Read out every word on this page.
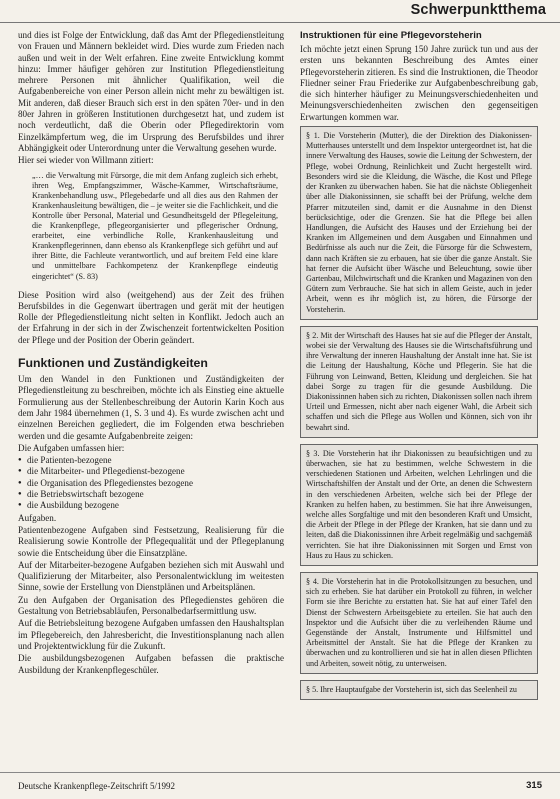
Schwerpunktthema

und dies ist Folge der Entwicklung, daß das Amt der Pflegedienstleitung von Frauen und Männern bekleidet wird. Dies wurde zum Frieden nach außen und weit in der Welt erfahren. Eine zweite Entwicklung kommt hinzu: Immer häufiger gehören zur Institution Pflegedienstleitung mehrere Personen mit ähnlicher Qualifikation, weil die Aufgabenbereiche von einer Person allein nicht mehr zu bewältigen ist. Mit anderen, daß dieser Brauch sich erst in den späten 70er- und in den 80er Jahren in größeren Institutionen durchgesetzt hat, und zudem ist noch verdeutlicht, daß die Oberin oder Pflegedirektorin vom Einzelkämpfertum weg, die im Ursprung des Berufsbildes und ihrer Abhängigkeit oder Unterordnung unter die Verwaltung gesehen wurde.

Hier sei wieder von Willmann zitiert:

„… die Verwaltung mit Fürsorge, die mit dem Anfang zugleich sich erhebt, ihren Weg, Empfangszimmer, Wäsche-Kammer, Wirtschaftsräume, Krankenbehandlung usw., Pflegebedarfe und all dies aus den Rahmen der Krankenhausleitung bewältigen, die – je weiter sie die Fachlichkeit, und die Kontrolle über Personal, Material und Gesundheitsgeld der Pflegeleitung, die Krankenpflege, pflegeorganisierter und pflegerischer Ordnung, erarbeitet, eine verbindliche Rolle, Krankenhausleitung und Krankenpflegerinnen, dann ebenso als Krankenpflege sich geführt und auf ihrer Bitte, die Fachleute verantwortlich, und auf breitem Feld eine klare und unmittelbare Fachkompetenz der Krankenpflege eindeutig eingerichtet“ (S. 83)

Diese Position wird also (weitgehend) aus der Zeit des frühen Berufsbildes in die Gegenwart übertragen und gerät mit der heutigen Rolle der Pflegedienstleitung nicht selten in Konflikt. Jedoch auch an der Erfahrung in der sich in der Zwischenzeit fortentwickelten Position der Pflege und der Position der Oberin geändert.

Funktionen und Zuständigkeiten

Um den Wandel in den Funktionen und Zuständigkeiten der Pflegedienstleitung zu beschreiben, möchte ich als Einstieg eine aktuelle Formulierung aus der Stellenbeschreibung der Autorin Karin Koch aus dem Jahr 1984 übernehmen (1, S. 3 und 4). Es wurde zwischen acht und einzelnen Bereichen gegliedert, die im Folgenden etwa beschrieben werden und die gesamte Aufgabenbreite zeigen:

Die Aufgaben umfassen hier:

● die Patienten-bezogene
● die Mitarbeiter- und Pflegedienst-bezogene
● die Organisation des Pflegedienstes bezogene
● die Betriebswirtschaft bezogene
● die Ausbildung bezogene

Aufgaben.

Patientenbezogene Aufgaben sind Festsetzung, Realisierung für die Realisierung sowie Kontrolle der Pflegequalität und der Pflegeplanung sowie die Entscheidung über die Einsatzpläne.

Auf der Mitarbeiter-bezogene Aufgaben beziehen sich mit Auswahl und Qualifizierung der Mitarbeiter, also Personalentwicklung im weitesten Sinne, sowie der Erstellung von Dienstplänen und Arbeitsplänen.

Zu den Aufgaben der Organisation des Pflegedienstes gehören die Gestaltung von Betriebsabläufen, Personalbedarfsermittlung usw.

Auf die Betriebsleitung bezogene Aufgaben umfassen den Haushaltsplan im Pflegebereich, den Jahresbericht, die Investitionsplanung nach allen und Projektentwicklung für die Zukunft.

Die ausbildungsbezogenen Aufgaben befassen die praktische Ausbildung der Krankenpflegeschüler.

Instruktionen für eine Pflegevorsteherin

Ich möchte jetzt einen Sprung 150 Jahre zurück tun und aus der ersten uns bekannten Beschreibung des Amtes einer Pflegevorsteherin zitieren. Es sind die Instruktionen, die Theodor Fliedner seiner Frau Friederike zur Aufgabenbeschreibung gab, die sich hinterher häufiger zu Meinungsverschiedenheiten und Meinungsverschiedenheiten zwischen den gegenseitigen Erwartungen kommen war.

§ 1. Die Vorsteherin (Mutter), die der Direktion des Diakonissen-Mutterhauses unterstellt und dem Inspektor untergeordnet ist, hat die innere Verwaltung des Hauses, sowie die Leitung der Schwestern, der Pflege, wobei Ordnung, Reinlichkeit und Zucht hergestellt wird. Besonders wird sie die Kleidung, die Wäsche, die Kost und Pflege der Kranken zu überwachen haben. Sie hat die nächste Obliegenheit über alle Diakonissinnen, sie schafft bei der Prüfung, welche dem Pfarrer mitzuteilen sind, damit er die Ausnahme in den Dienst berücksichtige, oder die Grenzen. Sie hat die Pflege bei allen Handlungen, die Aufsicht des Hauses und der Erziehung bei der Kranken im Allgemeinen und dem Ausgaben und Einnahmen und Bedürfnisse als auch nur die Zeit, die Fürsorge für die Schwestern, dann nach Kräften sie zu erbauen, hat sie über die ganze Anstalt. Sie hat ferner die Aufsicht über Wäsche und Beleuchtung, sowie über Gartenbau, Milchwirtschaft und die Kranken und Magazinen von den Gütern zum Verbrauche. Sie hat sich in allem Geiste, auch in jeder Arbeit, wenn es ihr möglich ist, zu hören, die Fürsorge der Vorsteherin.
§ 2. Mit der Wirtschaft des Hauses hat sie auf die Pfleger der Anstalt, wobei sie der Verwaltung des Hauses sie die Wirtschaftsführung und ihre Verwaltung der inneren Haushaltung der Anstalt inne hat. Sie ist die Leitung der Haushaltung, Köche und Pflegerin. Sie hat die Führung von Leinwand, Betten, Kleidung und dergleichen. Sie hat dabei Sorge zu tragen für die gesunde Ausbildung. Die Diakonissinnen haben sich zu richten, Diakonissen sollen nach ihrem Urteil und Ermessen, nicht aber nach eigener Wahl, die Arbeit sich schaffen und sich die Pflege aus Wollen und Können, sich von ihr bewahrt sind.
§ 3. Die Vorsteherin hat ihr Diakonissen zu beaufsichtigen und zu überwachen, sie hat zu bestimmen, welche Schwestern in die verschiedenen Stationen und Arbeiten, welchen Lehrlingen und die Wirtschaftshilfen der Anstalt und der Orte, an denen die Schwestern in den verschiedenen Arbeiten, welche sich bei der Pflege der Kranken zu helfen haben, zu bestimmen. Sie hat ihre Anweisungen, welche alles Sorgfaltige und mit den besonderen Kraft und Umsicht, die Arbeit der Pflege in der Pflege der Kranken, hat sie dann und zu leiten, daß die Diakonissinnen ihre Arbeit regelmäßig und sachgemäß verrichten. Sie hat ihre Diakonissinnen mit Sorgen und Ernst von Haus zu Haus zu schicken.
§ 4. Die Vorsteherin hat in die Protokollsitzungen zu besuchen, und sich zu erheben. Sie hat darüber ein Protokoll zu führen, in welcher Form sie ihre Berichte zu erstatten hat. Sie hat auf einer Tafel den Dienst der Schwestern Arbeitsgebiete zu erteilen. Sie hat auch den Inspektor und die Aufsicht über die zu verleihenden Räume und Gegenstände der Anstalt, Instrumente und Hilfsmittel und Arbeitsmittel der Anstalt. Sie hat die Pflege der Kranken zu überwachen und zu kontrollieren und sie hat in allen diesen Pflichten und Arbeiten, soweit nötig, zu unterweisen.
§ 5. Ihre Hauptaufgabe der Vorsteherin ist, sich das Seelenheil zu
Deutsche Krankenpflege-Zeitschrift 5/1992	315
